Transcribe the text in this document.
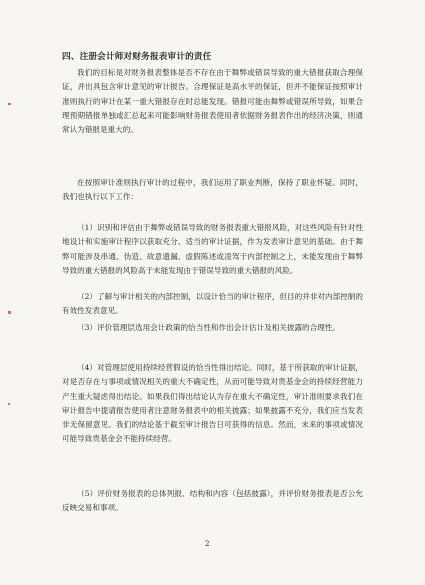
四、注册会计师对财务报表审计的责任

我们的目标是对财务报表整体是否不存在由于舞弊或错误导致的重大错报获取合理保证，并出具包含审计意见的审计报告。合理保证是高水平的保证，但并不能保证按照审计准则执行的审计在某一重大错报存在时总能发现。错报可能由舞弊或错误所导致，如果合理预期错报单独或汇总起来可能影响财务报表使用者依据财务报表作出的经济决策，则通常认为错报是重大的。

在按照审计准则执行审计的过程中，我们运用了职业判断，保持了职业怀疑。同时，我们也执行以下工作：

（1）识别和评估由于舞弊或错误导致的财务报表重大错报风险，对这些风险有针对性地设计和实施审计程序以获取充分、适当的审计证据，作为发表审计意见的基础。由于舞弊可能涉及串通、伪造、故意遗漏、虚假陈述或凌驾于内部控制之上，未能发现由于舞弊导致的重大错报的风险高于未能发现由于错误导致的重大错报的风险。

（2）了解与审计相关的内部控制，以设计恰当的审计程序，但目的并非对内部控制的有效性发表意见。

（3）评价管理层选用会计政策的恰当性和作出会计估计及相关披露的合理性。

（4）对管理层使用持续经营假设的恰当性得出结论。同时，基于所获取的审计证据，对是否存在与事项或情况相关的重大不确定性，从而可能导致对贵基金会的持续经营能力产生重大疑虑得出结论。如果我们得出结论认为存在重大不确定性，审计准则要求我们在审计报告中提请报告使用者注意财务报表中的相关披露；如果披露不充分，我们应当发表非无保留意见。我们的结论基于截至审计报告日可获得的信息。然而，未来的事项或情况可能导致贵基金会不能持续经营。

（5）评价财务报表的总体列报、结构和内容（包括披露），并评价财务报表是否公允反映交易和事项。

2
